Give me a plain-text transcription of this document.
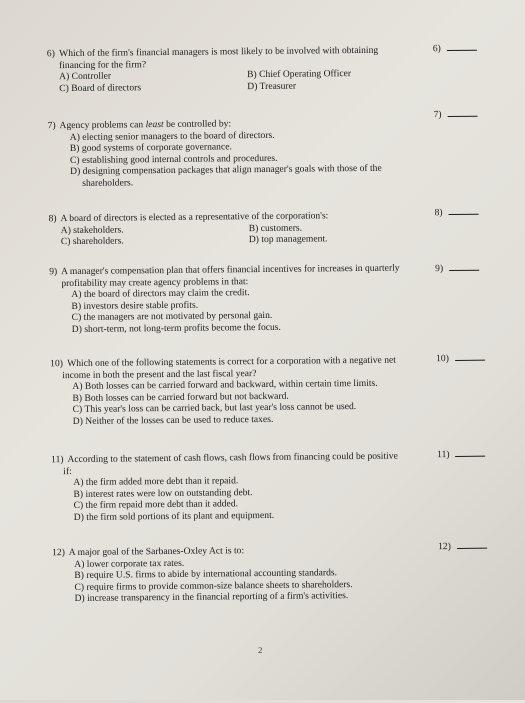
6)
6) Which of the firm's financial managers is most likely to be involved with obtaining
financing for the firm?
A) Controller	B) Chief Operating Officer
C) Board of directors	D) Treasurer
7)
7) Agency problems can least be controlled by:
A) electing senior managers to the board of directors.
B) good systems of corporate governance.
C) establishing good internal controls and procedures.
D) designing compensation packages that align manager's goals with those of the
shareholders.
8)
8) A board of directors is elected as a representative of the corporation's:
A) stakeholders.	B) customers.
C) shareholders.	D) top management.
9)
9) A manager's compensation plan that offers financial incentives for increases in quarterly
profitability may create agency problems in that:
A) the board of directors may claim the credit.
B) investors desire stable profits.
C) the managers are not motivated by personal gain.
D) short-term, not long-term profits become the focus.
10)
10) Which one of the following statements is correct for a corporation with a negative net
income in both the present and the last fiscal year?
A) Both losses can be carried forward and backward, within certain time limits.
B) Both losses can be carried forward but not backward.
C) This year's loss can be carried back, but last year's loss cannot be used.
D) Neither of the losses can be used to reduce taxes.
11)
11) According to the statement of cash flows, cash flows from financing could be positive
if:
A) the firm added more debt than it repaid.
B) interest rates were low on outstanding debt.
C) the firm repaid more debt than it added.
D) the firm sold portions of its plant and equipment.
12)
12) A major goal of the Sarbanes-Oxley Act is to:
A) lower corporate tax rates.
B) require U.S. firms to abide by international accounting standards.
C) require firms to provide common-size balance sheets to shareholders.
D) increase transparency in the financial reporting of a firm's activities.
2
